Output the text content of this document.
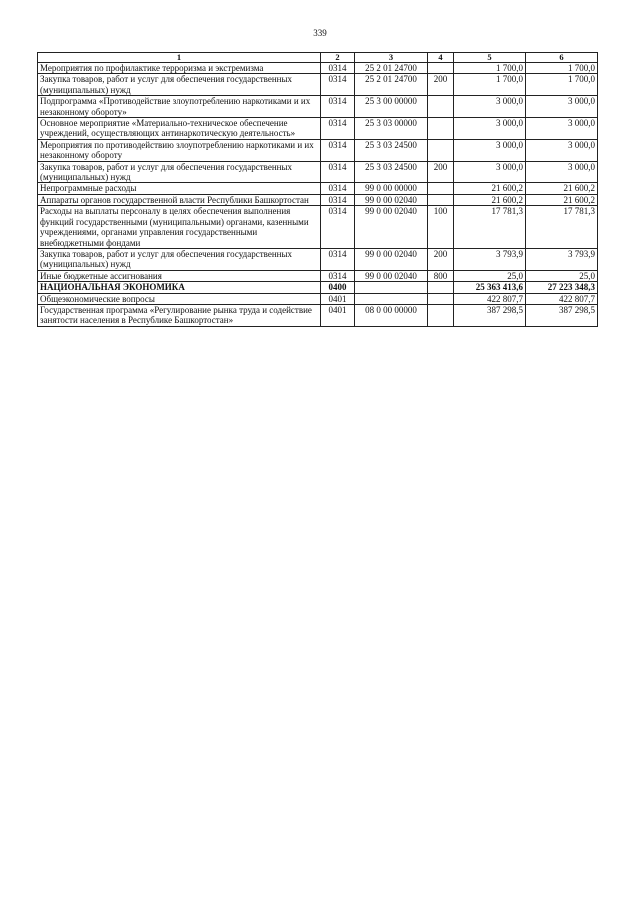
339
1	2	3	4	5	6
Мероприятия по профилактике терроризма и экстремизма	0314	25 2 01 24700		1 700,0	1 700,0
Закупка товаров, работ и услуг для обеспечения государственных (муниципальных) нужд	0314	25 2 01 24700	200	1 700,0	1 700,0
Подпрограмма «Противодействие злоупотреблению наркотиками и их незаконному обороту»	0314	25 3 00 00000		3 000,0	3 000,0
Основное мероприятие «Материально-техническое обеспечение учреждений, осуществляющих антинаркотическую деятельность»	0314	25 3 03 00000		3 000,0	3 000,0
Мероприятия по противодействию злоупотреблению наркотиками и их незаконному обороту	0314	25 3 03 24500		3 000,0	3 000,0
Закупка товаров, работ и услуг для обеспечения государственных (муниципальных) нужд	0314	25 3 03 24500	200	3 000,0	3 000,0
Непрограммные расходы	0314	99 0 00 00000		21 600,2	21 600,2
Аппараты органов государственной власти Республики Башкортостан	0314	99 0 00 02040		21 600,2	21 600,2
Расходы на выплаты персоналу в целях обеспечения выполнения функций государственными (муниципальными) органами, казенными учреждениями, органами управления государственными внебюджетными фондами	0314	99 0 00 02040	100	17 781,3	17 781,3
Закупка товаров, работ и услуг для обеспечения государственных (муниципальных) нужд	0314	99 0 00 02040	200	3 793,9	3 793,9
Иные бюджетные ассигнования	0314	99 0 00 02040	800	25,0	25,0
НАЦИОНАЛЬНАЯ ЭКОНОМИКА	0400			25 363 413,6	27 223 348,3
Общеэкономические вопросы	0401			422 807,7	422 807,7
Государственная программа «Регулирование рынка труда и содействие занятости населения в Республике Башкортостан»	0401	08 0 00 00000		387 298,5	387 298,5
